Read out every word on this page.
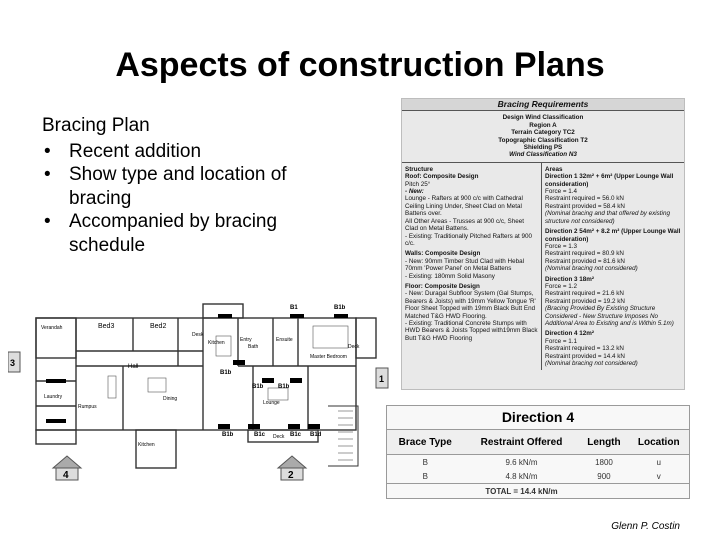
Aspects of construction Plans
Bracing Plan
• Recent addition
• Show type and location of bracing
• Accompanied by bracing schedule
Verandah	Bed3	Bed2
Desk
Kitchen	Entry
Bath
Ensuite
Master Bedroom
Deck
Hall
Dining
Lounge
Laundry
Rumpus
Kitchen
Deck
B1	B1b
B1b
B1b B1b
B1b	B1c	B1c B1d
4	2
3
1
Bracing Requirements

Design Wind Classification

Region A

Terrain Category TC2

Topographic Classification T2

Shielding PS

Wind Classification N3

Structure

Roof: Composite Design

Pitch 25°

- New:

Lounge - Rafters at 900 c/c with Cathedral Ceiling Lining Under, Sheet Clad on Metal Battens over.

All Other Areas - Trusses at 900 c/c, Sheet Clad on Metal Battens.

- Existing: Traditionally Pitched Rafters at 900 c/c.

Walls: Composite Design

- New: 90mm Timber Stud Clad with Hebal 70mm 'Power Panel' on Metal Battens

- Existing: 180mm Solid Masony

Floor: Composite Design

- New: Duragal Subfloor System (Gal Stumps, Bearers & Joists) with 19mm Yellow Tongue 'R' Floor Sheet Topped with 19mm Black Butt End Matched T&G HWD Flooring.

- Existing: Traditional Concrete Stumps with HWD Bearers & Joists Topped with19mm Black Butt T&G HWD Flooring

Areas

Direction 1 32m² + 6m² (Upper Lounge Wall consideration)

Force = 1.4

Restraint required = 56.0 kN

Restraint provided = 58.4 kN

(Nominal bracing and that offered by existing structure not considered)

Direction 2 54m² + 8.2 m² (Upper Lounge Wall consideration)

Force = 1.3

Restraint required = 80.9 kN

Restraint provided = 81.6 kN

(Nominal bracing not considered)

Direction 3 18m²

Force = 1.2

Restraint required = 21.6 kN

Restraint provided = 19.2 kN

(Bracing Provided By Existing Structure Considered - New Structure Imposes No Additional Area to Existing and is Within 5.1m)

Direction 4 12m²

Force = 1.1

Restraint required = 13.2 kN

Restraint provided = 14.4 kN

(Nominal bracing not considered)

Direction 4
Brace Type	Restraint Offered	Length	Location
B	9.6 kN/m	1800	u
B	4.8 kN/m	900	v
	TOTAL = 14.4 kN/m		
Glenn P. Costin
